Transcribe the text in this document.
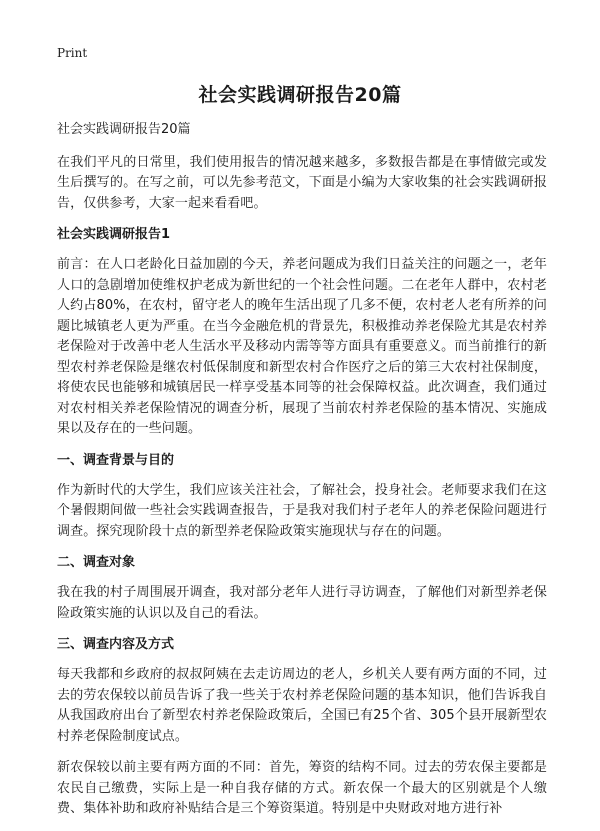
Print
社会实践调研报告20篇

社会实践调研报告20篇

在我们平凡的日常里，我们使用报告的情况越来越多，多数报告都是在事情做完或发生后撰写的。在写之前，可以先参考范文，下面是小编为大家收集的社会实践调研报告，仅供参考，大家一起来看看吧。

社会实践调研报告1

前言：在人口老龄化日益加剧的今天，养老问题成为我们日益关注的问题之一，老年人口的急剧增加使维权护老成为新世纪的一个社会性问题。二在老年人群中，农村老人约占80%，在农村，留守老人的晚年生活出现了几多不便，农村老人老有所养的问题比城镇老人更为严重。在当今金融危机的背景先，积极推动养老保险尤其是农村养老保险对于改善中老人生活水平及移动内需等等方面具有重要意义。而当前推行的新型农村养老保险是继农村低保制度和新型农村合作医疗之后的第三大农村社保制度，将使农民也能够和城镇居民一样享受基本同等的社会保障权益。此次调查，我们通过对农村相关养老保险情况的调查分析，展现了当前农村养老保险的基本情况、实施成果以及存在的一些问题。

一、调查背景与目的

作为新时代的大学生，我们应该关注社会，了解社会，投身社会。老师要求我们在这个暑假期间做一些社会实践调查报告，于是我对我们村子老年人的养老保险问题进行调查。探究现阶段十点的新型养老保险政策实施现状与存在的问题。

二、调查对象

我在我的村子周围展开调查，我对部分老年人进行寻访调查，了解他们对新型养老保险政策实施的认识以及自己的看法。

三、调查内容及方式

每天我都和乡政府的叔叔阿姨在去走访周边的老人，乡机关人要有两方面的不同，过去的劳农保较以前员告诉了我一些关于农村养老保险问题的基本知识，他们告诉我自从我国政府出台了新型农村养老保险政策后，全国已有25个省、305个县开展新型农村养老保险制度试点。

新农保较以前主要有两方面的不同：首先，筹资的结构不同。过去的劳农保主要都是农民自己缴费，实际上是一种自我存储的方式。新农保一个最大的区别就是个人缴费、集体补助和政府补贴结合是三个筹资渠道。特别是中央财政对地方进行补
